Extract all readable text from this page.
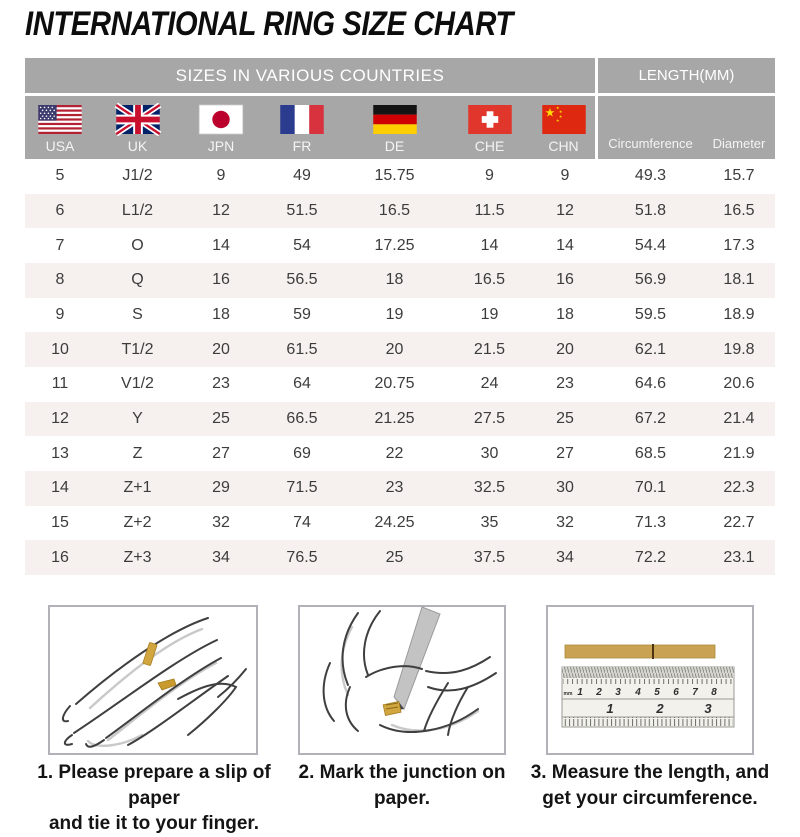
INTERNATIONAL RING SIZE CHART
SIZES IN VARIOUS COUNTRIES	LENGTH(MM)
USA	UK	JPN	FR	DE	CHE	CHN	Circumference	Diameter
5	J1/2	9	49	15.75	9	9	49.3	15.7
6	L1/2	12	51.5	16.5	11.5	12	51.8	16.5
7	O	14	54	17.25	14	14	54.4	17.3
8	Q	16	56.5	18	16.5	16	56.9	18.1
9	S	18	59	19	19	18	59.5	18.9
10	T1/2	20	61.5	20	21.5	20	62.1	19.8
11	V1/2	23	64	20.75	24	23	64.6	20.6
12	Y	25	66.5	21.25	27.5	25	67.2	21.4
13	Z	27	69	22	30	27	68.5	21.9
14	Z+1	29	71.5	23	32.5	30	70.1	22.3
15	Z+2	32	74	24.25	35	32	71.3	22.7
16	Z+3	34	76.5	25	37.5	34	72.2	23.1
mm 1 2 3 4 5 6 7 8
1	2	3
1. Please prepare a slip of paper
and tie it to your finger.
2. Mark the junction on paper.
3. Measure the length, and
get your circumference.
